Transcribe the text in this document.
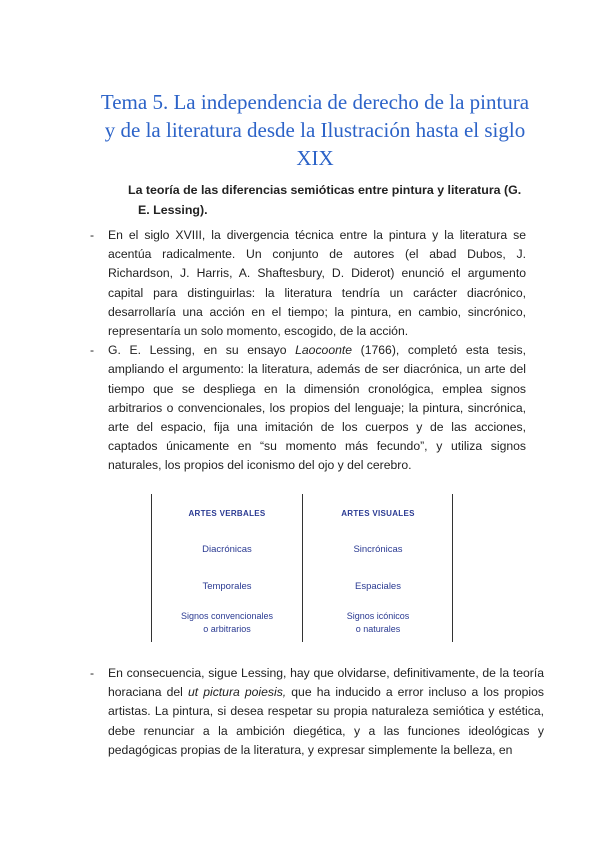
Tema 5. La independencia de derecho de la pintura y de la literatura desde la Ilustración hasta el siglo XIX
La teoría de las diferencias semióticas entre pintura y literatura (G.
E. Lessing).
- En el siglo XVIII, la divergencia técnica entre la pintura y la literatura se acentúa radicalmente. Un conjunto de autores (el abad Dubos, J. Richardson, J. Harris, A. Shaftesbury, D. Diderot) enunció el argumento capital para distinguirlas: la literatura tendría un carácter diacrónico, desarrollaría una acción en el tiempo; la pintura, en cambio, sincrónico, representaría un solo momento, escogido, de la acción.
- G. E. Lessing, en su ensayo Laocoonte (1766), completó esta tesis, ampliando el argumento: la literatura, además de ser diacrónica, un arte del tiempo que se despliega en la dimensión cronológica, emplea signos arbitrarios o convencionales, los propios del lenguaje; la pintura, sincrónica, arte del espacio, fija una imitación de los cuerpos y de las acciones, captados únicamente en “su momento más fecundo”, y utiliza signos naturales, los propios del iconismo del ojo y del cerebro.
ARTES VERBALES
Diacrónicas
Temporales
Signos convencionales
o arbitrarios
ARTES VISUALES
Sincrónicas
Espaciales
Signos icónicos
o naturales
- En consecuencia, sigue Lessing, hay que olvidarse, definitivamente, de la teoría horaciana del ut pictura poiesis, que ha inducido a error incluso a los propios artistas. La pintura, si desea respetar su propia naturaleza semiótica y estética, debe renunciar a la ambición diegética, y a las funciones ideológicas y pedagógicas propias de la literatura, y expresar simplemente la belleza, en
